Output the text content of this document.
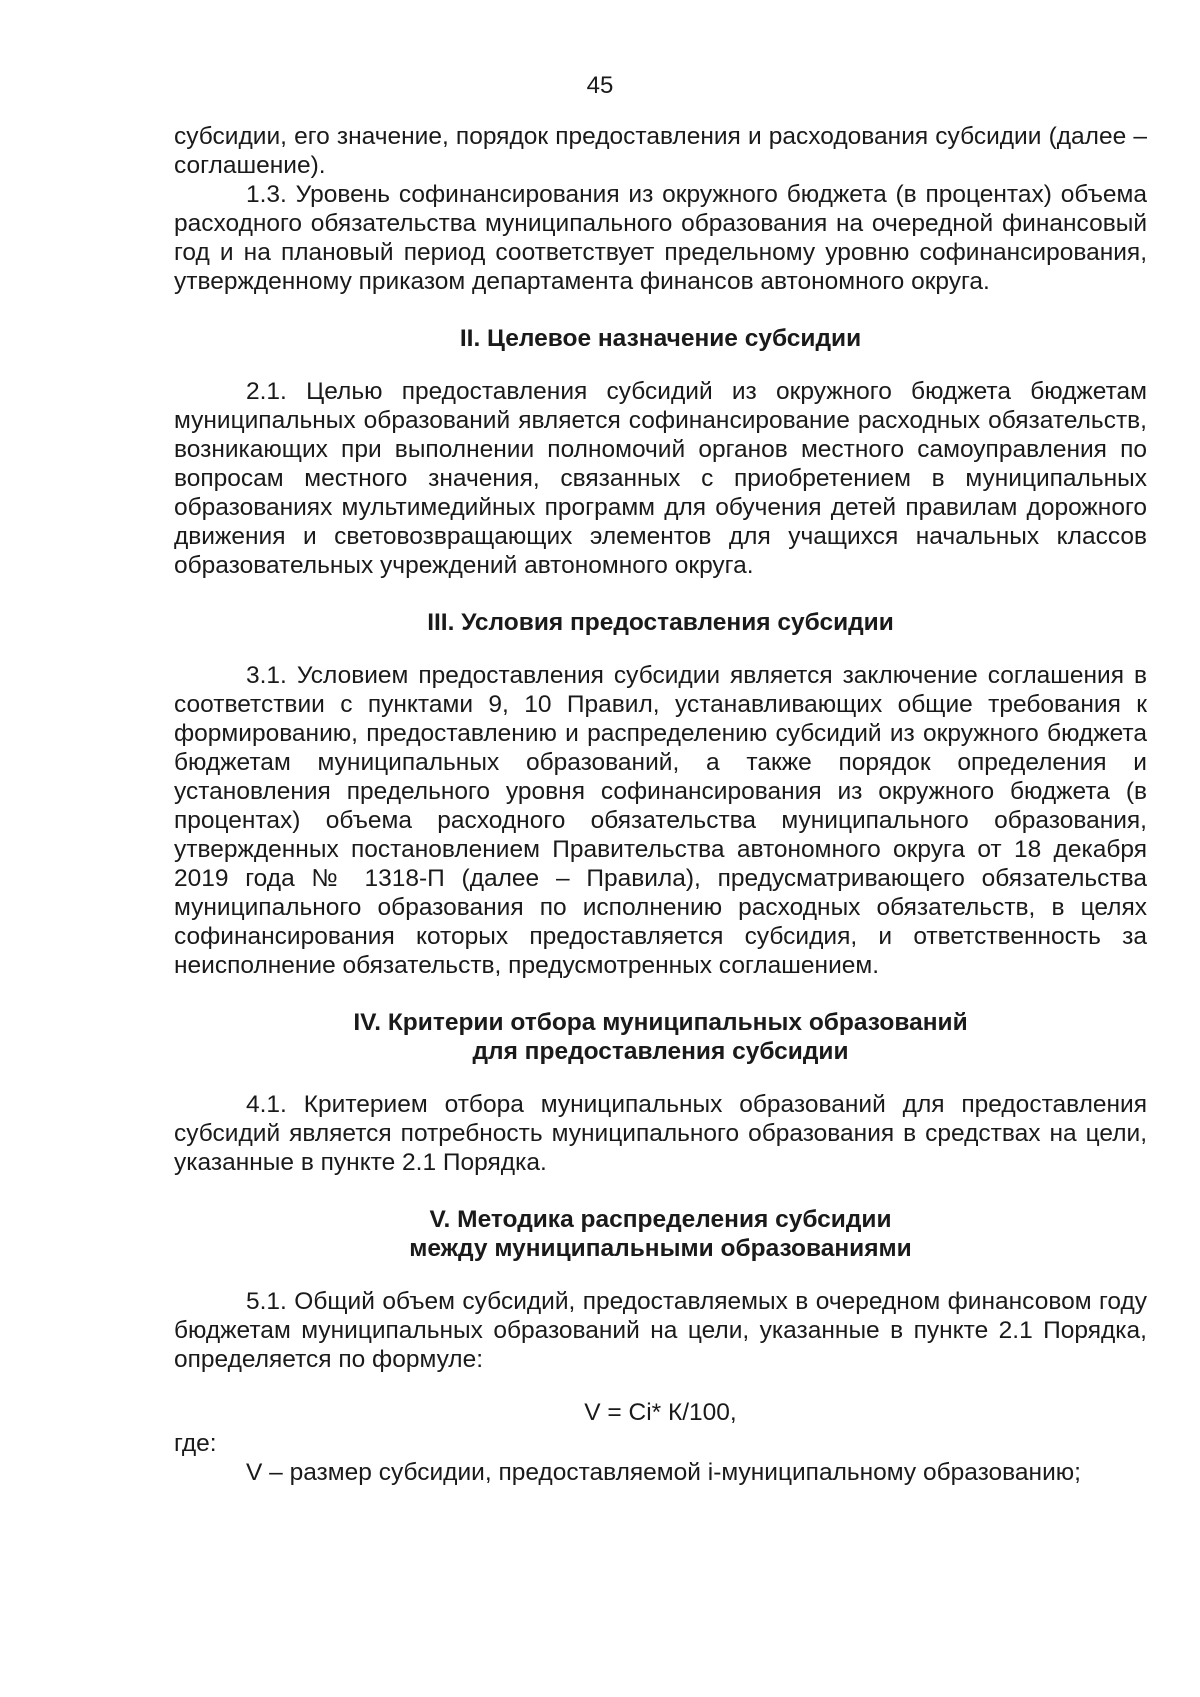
45

субсидии, его значение, порядок предоставления и расходования субсидии (далее – соглашение).

1.3. Уровень софинансирования из окружного бюджета (в процентах) объема расходного обязательства муниципального образования на очередной финансовый год и на плановый период соответствует предельному уровню софинансирования, утвержденному приказом департамента финансов автономного округа.

II. Целевое назначение субсидии

2.1. Целью предоставления субсидий из окружного бюджета бюджетам муниципальных образований является софинансирование расходных обязательств, возникающих при выполнении полномочий органов местного самоуправления по вопросам местного значения, связанных с приобретением в муниципальных образованиях мультимедийных программ для обучения детей правилам дорожного движения и световозвращающих элементов для учащихся начальных классов образовательных учреждений автономного округа.

III. Условия предоставления субсидии

3.1. Условием предоставления субсидии является заключение соглашения в соответствии с пунктами 9, 10 Правил, устанавливающих общие требования к формированию, предоставлению и распределению субсидий из окружного бюджета бюджетам муниципальных образований, а также порядок определения и установления предельного уровня софинансирования из окружного бюджета (в процентах) объема расходного обязательства муниципального образования, утвержденных постановлением Правительства автономного округа от 18 декабря 2019 года № 1318-П (далее – Правила), предусматривающего обязательства муниципального образования по исполнению расходных обязательств, в целях софинансирования которых предоставляется субсидия, и ответственность за неисполнение обязательств, предусмотренных соглашением.

IV. Критерии отбора муниципальных образований

для предоставления субсидии

4.1. Критерием отбора муниципальных образований для предоставления субсидий является потребность муниципального образования в средствах на цели, указанные в пункте 2.1 Порядка.

V. Методика распределения субсидии

между муниципальными образованиями

5.1. Общий объем субсидий, предоставляемых в очередном финансовом году бюджетам муниципальных образований на цели, указанные в пункте 2.1 Порядка, определяется по формуле:

V = Ci* К/100,

где:

V – размер субсидии, предоставляемой i-муниципальному образованию;
